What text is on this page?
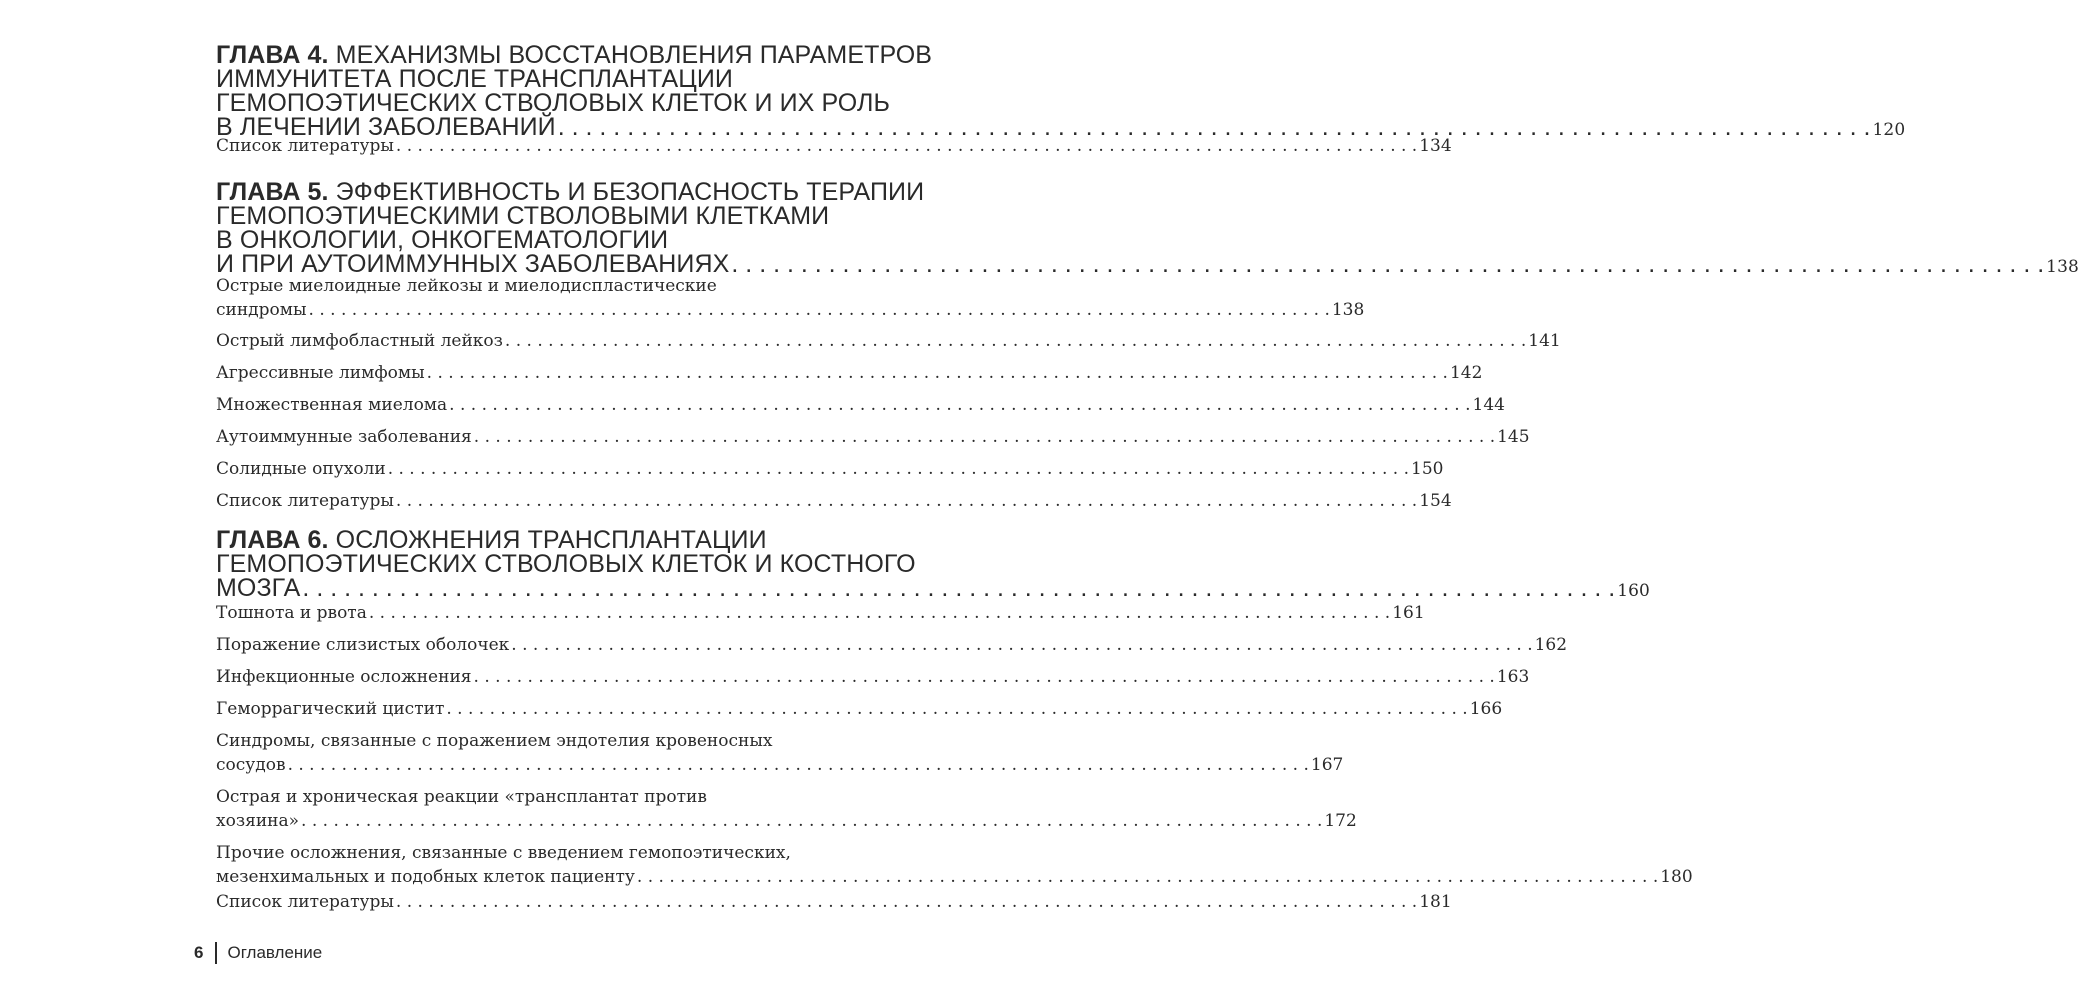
ГЛАВА 4. МЕХАНИЗМЫ ВОССТАНОВЛЕНИЯ ПАРАМЕТРОВ
ИММУНИТЕТА ПОСЛЕ ТРАНСПЛАНТАЦИИ
ГЕМОПОЭТИЧЕСКИХ СТВОЛОВЫХ КЛЕТОК И ИХ РОЛЬ
В ЛЕЧЕНИИ ЗАБОЛЕВАНИЙ . . .	120
Список литературы . . .	134
ГЛАВА 5. ЭФФЕКТИВНОСТЬ И БЕЗОПАСНОСТЬ ТЕРАПИИ
ГЕМОПОЭТИЧЕСКИМИ СТВОЛОВЫМИ КЛЕТКАМИ
В ОНКОЛОГИИ, ОНКОГЕМАТОЛОГИИ
И ПРИ АУТОИММУННЫХ ЗАБОЛЕВАНИЯХ . . .	138
Острые миелоидные лейкозы и миелодиспластические
синдромы . . .	138
Острый лимфобластный лейкоз . . .	141
Агрессивные лимфомы . . .	142
Множественная миелома . . .	144
Аутоиммунные заболевания . . .	145
Солидные опухоли . . .	150
Список литературы . . .	154
ГЛАВА 6. ОСЛОЖНЕНИЯ ТРАНСПЛАНТАЦИИ
ГЕМОПОЭТИЧЕСКИХ СТВОЛОВЫХ КЛЕТОК И КОСТНОГО
МОЗГА . . .	160
Тошнота и рвота . . .	161
Поражение слизистых оболочек . . .	162
Инфекционные осложнения . . .	163
Геморрагический цистит . . .	166
Синдромы, связанные с поражением эндотелия кровеносных
сосудов . . .	167
Острая и хроническая реакции «трансплантат против
хозяина» . . .	172
Прочие осложнения, связанные с введением гемопоэтических,
мезенхимальных и подобных клеток пациенту . . .	180
Список литературы . . .	181
6 Оглавление
